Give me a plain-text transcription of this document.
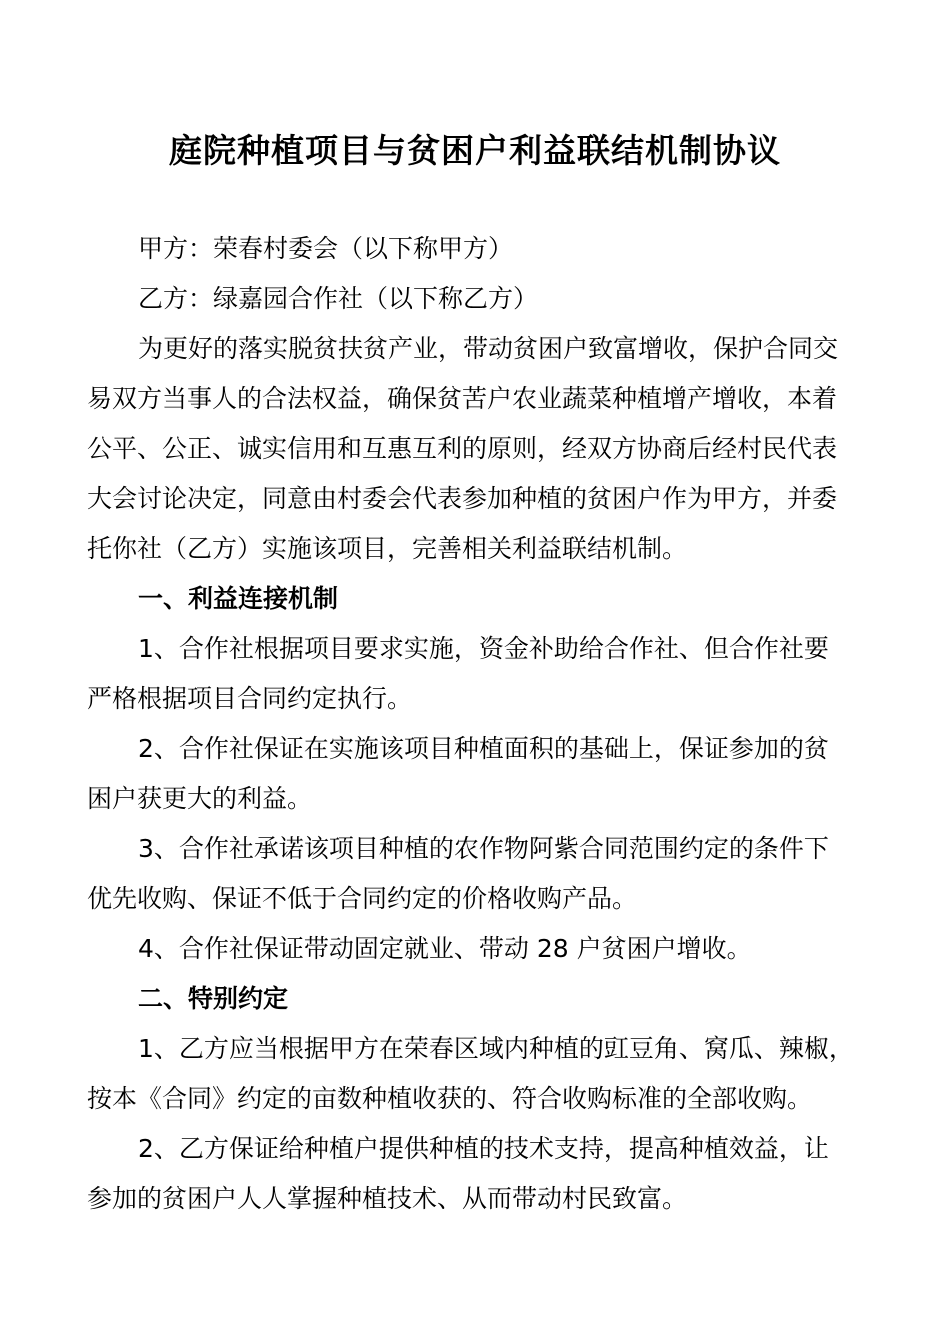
庭院种植项目与贫困户利益联结机制协议
甲方：荣春村委会（以下称甲方）
乙方：绿嘉园合作社（以下称乙方）
为更好的落实脱贫扶贫产业，带动贫困户致富增收，保护合同交
易双方当事人的合法权益，确保贫苦户农业蔬菜种植增产增收，本着
公平、公正、诚实信用和互惠互利的原则，经双方协商后经村民代表
大会讨论决定，同意由村委会代表参加种植的贫困户作为甲方，并委
托你社（乙方）实施该项目，完善相关利益联结机制。
一、利益连接机制
1、合作社根据项目要求实施，资金补助给合作社、但合作社要
严格根据项目合同约定执行。
2、合作社保证在实施该项目种植面积的基础上，保证参加的贫
困户获更大的利益。
3、合作社承诺该项目种植的农作物阿紫合同范围约定的条件下
优先收购、保证不低于合同约定的价格收购产品。
4、合作社保证带动固定就业、带动 28 户贫困户增收。
二、特别约定
1、乙方应当根据甲方在荣春区域内种植的豇豆角、窝瓜、辣椒，
按本《合同》约定的亩数种植收获的、符合收购标准的全部收购。
2、乙方保证给种植户提供种植的技术支持，提高种植效益，让
参加的贫困户人人掌握种植技术、从而带动村民致富。
